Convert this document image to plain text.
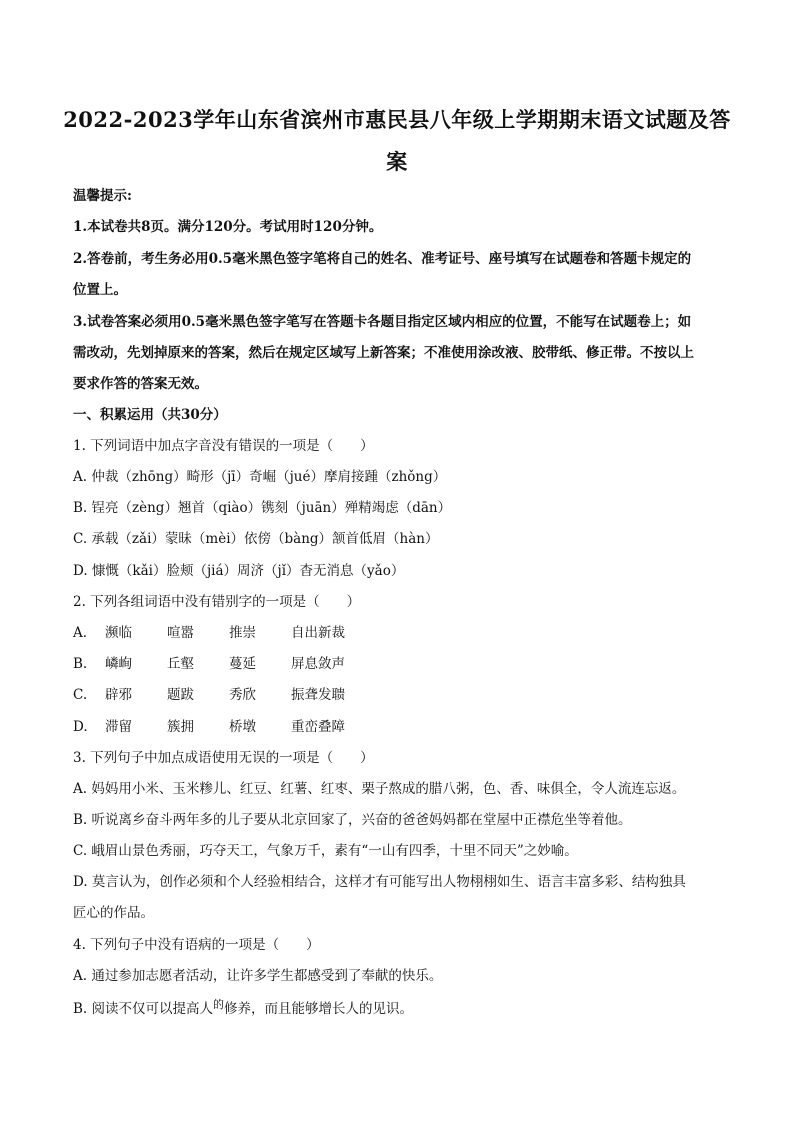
2022-2023学年山东省滨州市惠民县八年级上学期期末语文试题及答
案
温馨提示:
1.本试卷共8页。满分120分。考试用时120分钟。
2.答卷前，考生务必用0.5毫米黑色签字笔将自己的姓名、准考证号、座号填写在试题卷和答题卡规定的
位置上。
3.试卷答案必须用0.5毫米黑色签字笔写在答题卡各题目指定区域内相应的位置，不能写在试题卷上；如
需改动，先划掉原来的答案，然后在规定区域写上新答案；不准使用涂改液、胶带纸、修正带。不按以上
要求作答的答案无效。
一、积累运用（共30分）
1. 下列词语中加点字音没有错误的一项是（　　）
A. 仲裁（zhōng）畸形（jī）奇崛（jué）摩肩接踵（zhǒng）
B. 锃亮（zèng）翘首（qiào）镌刻（juān）殚精竭虑（dān）
C. 承载（zǎi）蒙昧（mèi）依傍（bàng）颔首低眉（hàn）
D. 慷慨（kǎi）脸颊（jiá）周济（jǐ）杳无消息（yǎo）
2. 下列各组词语中没有错别字的一项是（　　）
A. 濒临	喧嚣	推崇	自出新裁
B. 嶙峋	丘壑	蔓延	屏息敛声
C. 辟邪	题跋	秀欣	振聋发聩
D. 滞留	簇拥	桥墩	重峦叠障
3. 下列句子中加点成语使用无误的一项是（　　）
A. 妈妈用小米、玉米糁儿、红豆、红薯、红枣、栗子熬成的腊八粥，色、香、味俱全，令人流连忘返。
B. 听说离乡奋斗两年多的儿子要从北京回家了，兴奋的爸爸妈妈都在堂屋中正襟危坐等着他。
C. 峨眉山景色秀丽，巧夺天工，气象万千，素有“一山有四季，十里不同天”之妙喻。
D. 莫言认为，创作必须和个人经验相结合，这样才有可能写出人物栩栩如生、语言丰富多彩、结构独具
匠心的作品。
4. 下列句子中没有语病的一项是（　　）
A. 通过参加志愿者活动，让许多学生都感受到了奉献的快乐。
B. 阅读不仅可以提高人$^的$修养，而且能够增长人的见识。
